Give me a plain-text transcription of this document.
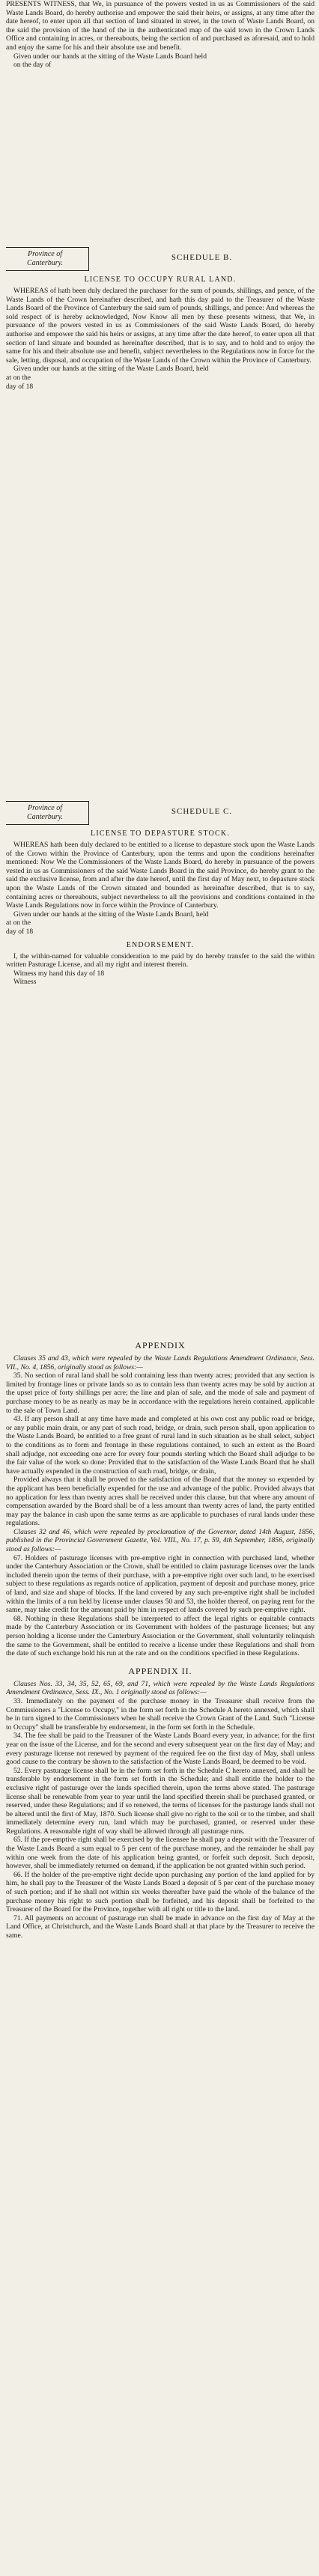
PRESENTS WITNESS, that We, in pursuance of the powers vested in us as Commissioners of the said Waste Lands Board, do hereby authorise and empower the said their heirs, or assigns, at any time after the date hereof, to enter upon all that section of land situated in street, in the town of Waste Lands Board, on the said the provision of the hand of the in the authenticated map of the said town in the Crown Lands Office and containing in acres, or thereabouts, being the section of and purchased as aforesaid, and to hold and enjoy the same for his and their absolute use and benefit.

Given under our hands at the sitting of the Waste Lands Board held

on the day of

Province of
Canterbury.
SCHEDULE B.
LICENSE TO OCCUPY RURAL LAND.

WHEREAS of hath been duly declared the purchaser for the sum of pounds, shillings, and pence, of the Waste Lands of the Crown hereinafter described, and hath this day paid to the Treasurer of the Waste Lands Board of the Province of Canterbury the said sum of pounds, shillings, and pence: And whereas the sold respect of is hereby acknowledged, Now Know all men by these presents witness, that We, in pursuance of the powers vested in us as Commissioners of the said Waste Lands Board, do hereby authorise and empower the said his heirs or assigns, at any time after the date hereof, to enter upon all that section of land situate and bounded as hereinafter described, that is to say, and to hold and to enjoy the same for his and their absolute use and benefit, subject nevertheless to the Regulations now in force for the sale, letting, disposal, and occupation of the Waste Lands of the Crown within the Province of Canterbury.

Given under our hands at the sitting of the Waste Lands Board, held

at on the

day of 18

Province of
Canterbury.
SCHEDULE C.
LICENSE TO DEPASTURE STOCK.

WHEREAS hath been duly declared to be entitled to a license to depasture stock upon the Waste Lands of the Crown within the Province of Canterbury, upon the terms and upon the conditions hereinafter mentioned: Now We the Commissioners of the Waste Lands Board, do hereby in pursuance of the powers vested in us as Commissioners of the said Waste Lands Board in the said Province, do hereby grant to the said the exclusive license, from and after the date hereof, until the first day of May next, to depasture stock upon the Waste Lands of the Crown situated and bounded as hereinafter described, that is to say, containing acres or thereabouts, subject nevertheless to all the provisions and conditions contained in the Waste Lands Regulations now in force within the Province of Canterbury.

Given under our hands at the sitting of the Waste Lands Board, held

at on the

day of 18

ENDORSEMENT.

I, the within-named for valuable consideration to me paid by do hereby transfer to the said the within written Pasturage License, and all my right and interest therein.

Witness my hand this day of 18

Witness

APPENDIX

Clauses 35 and 43, which were repealed by the Waste Lands Regulations Amendment Ordinance, Sess. VII., No. 4, 1856, originally stood as follows:—

35. No section of rural land shall be sold containing less than twenty acres; provided that any section is limited by frontage lines or private lands so as to contain less than twenty acres may be sold by auction at the upset price of forty shillings per acre; the line and plan of sale, and the mode of sale and payment of purchase money to be as nearly as may be in accordance with the regulations herein contained, applicable to the sale of Town Land.

43. If any person shall at any time have made and completed at his own cost any public road or bridge, or any public main drain, or any part of such road, bridge, or drain, such person shall, upon application to the Waste Lands Board, be entitled to a free grant of rural land in such situation as he shall select, subject to the conditions as to form and frontage in these regulations contained, to such an extent as the Board shall adjudge, not exceeding one acre for every four pounds sterling which the Board shall adjudge to be the fair value of the work so done: Provided that to the satisfaction of the Waste Lands Board that he shall have actually expended in the construction of such road, bridge, or drain,

Provided always that it shall be proved to the satisfaction of the Board that the money so expended by the applicant has been beneficially expended for the use and advantage of the public. Provided always that no application for less than twenty acres shall be received under this clause, but that where any amount of compensation awarded by the Board shall be of a less amount than twenty acres of land, the party entitled may pay the balance in cash upon the same terms as are applicable to purchases of rural lands under these regulations.

Clauses 32 and 46, which were repealed by proclamation of the Governor, dated 14th August, 1856, published in the Provincial Government Gazette, Vol. VIII., No. 17, p. 59, 4th September, 1856, originally stood as follows:—

67. Holders of pasturage licenses with pre-emptive right in connection with purchased land, whether under the Canterbury Association or the Crown, shall be entitled to claim pasturage licenses over the lands included therein upon the terms of their purchase, with a pre-emptive right over such land, to be exercised subject to these regulations as regards notice of application, payment of deposit and purchase money, price of land, and size and shape of blocks. If the land covered by any such pre-emptive right shall be included within the limits of a run held by license under clauses 50 and 53, the holder thereof, on paying rent for the same, may take credit for the amount paid by him in respect of lands covered by such pre-emptive right.

68. Nothing in these Regulations shall be interpreted to affect the legal rights or equitable contracts made by the Canterbury Association or its Government with holders of the pasturage licenses; but any person holding a license under the Canterbury Association or the Government, shall voluntarily relinquish the same to the Government, shall be entitled to receive a license under these Regulations and shall from the date of such exchange hold his run at the rate and on the conditions specified in these Regulations.

APPENDIX II.

Clauses Nos. 33, 34, 35, 52, 65, 69, and 71, which were repealed by the Waste Lands Regulations Amendment Ordinance, Sess. IX., No. 1 originally stood as follows:—

33. Immediately on the payment of the purchase money in the Treasurer shall receive from the Commissioners a "License to Occupy," in the form set forth in the Schedule A hereto annexed, which shall be in turn signed to the Commissioners when he shall receive the Crown Grant of the Land. Such "License to Occupy" shall be transferable by endorsement, in the form set forth in the Schedule.

34. The fee shall be paid to the Treasurer of the Waste Lands Board every year, in advance; for the first year on the issue of the License, and for the second and every subsequent year on the first day of May; and every pasturage license not renewed by payment of the required fee on the first day of May, shall unless good cause to the contrary be shown to the satisfaction of the Waste Lands Board, be deemed to be void.

52. Every pasturage license shall be in the form set forth in the Schedule C hereto annexed, and shall be transferable by endorsement in the form set forth in the Schedule; and shall entitle the holder to the exclusive right of pasturage over the lands specified therein, upon the terms above stated. The pasturage license shall be renewable from year to year until the land specified therein shall be purchased granted, or reserved, under these Regulations; and if so renewed, the terms of licenses for the pasturage lands shall not be altered until the first of May, 1870. Such license shall give no right to the soil or to the timber, and shall immediately determine every run, land which may be purchased, granted, or reserved under these Regulations. A reasonable right of way shall be allowed through all pasturage runs.

65. If the pre-emptive right shall be exercised by the licensee he shall pay a deposit with the Treasurer of the Waste Lands Board a sum equal to 5 per cent of the purchase money, and the remainder he shall pay within one week from the date of his application being granted, or forfeit such deposit. Such deposit, however, shall be immediately returned on demand, if the application be not granted within such period.

66. If the holder of the pre-emptive right decide upon purchasing any portion of the land applied for by him, he shall pay to the Treasurer of the Waste Lands Board a deposit of 5 per cent of the purchase money of such portion; and if he shall not within six weeks thereafter have paid the whole of the balance of the purchase money his right to such portion shall be forfeited, and his deposit shall be forfeited to the Treasurer of the Board for the Province, together with all right or title to the land.

71. All payments on account of pasturage run shall be made in advance on the first day of May at the Land Office, at Christchurch, and the Waste Lands Board shall at that place by the Treasurer to receive the same.
